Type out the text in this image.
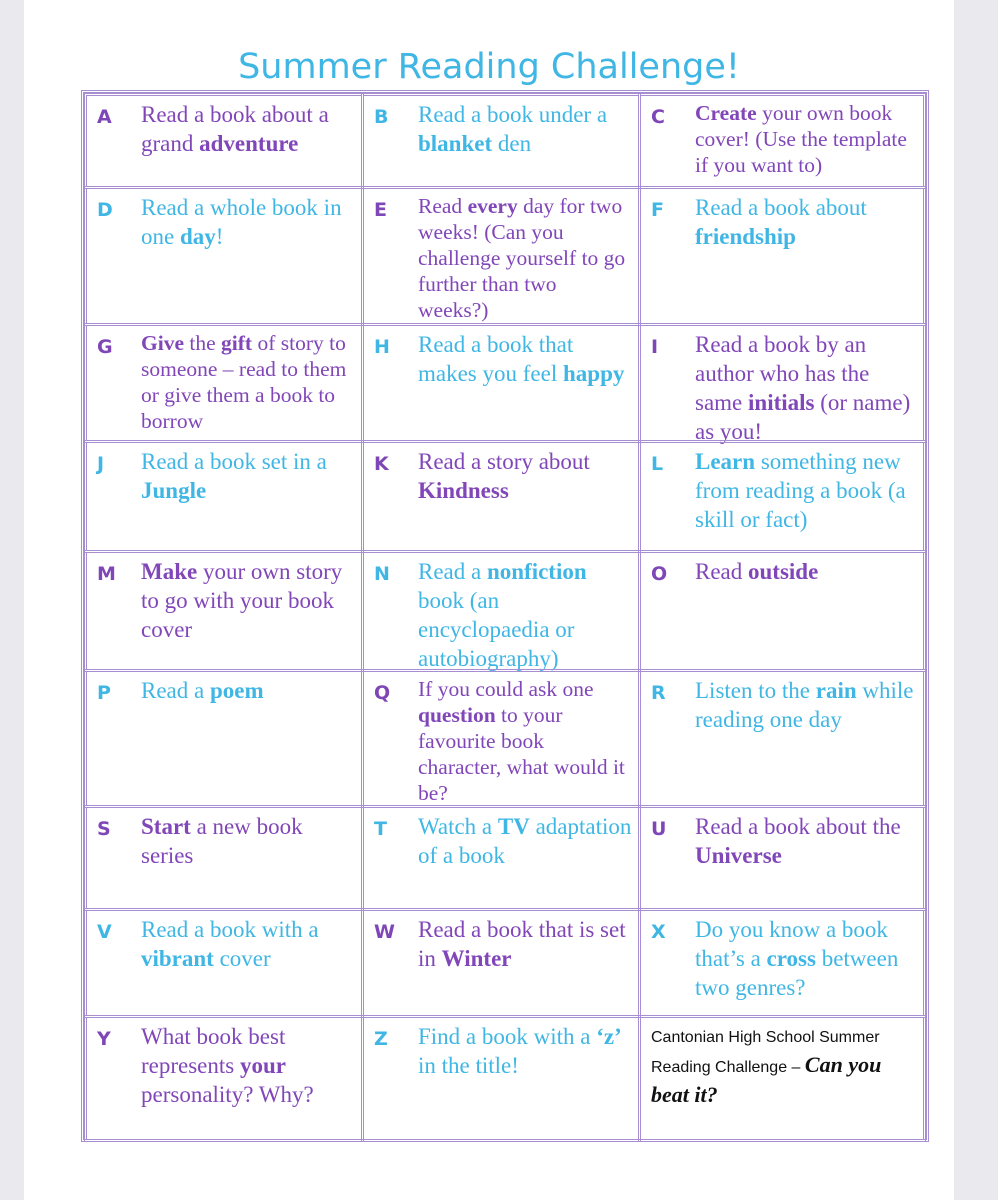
Summer Reading Challenge!
A Read a book about a grand adventure
B Read a book under a blanket den
C Create your own book cover! (Use the template if you want to)
D Read a whole book in one day!
E Read every day for two weeks! (Can you challenge yourself to go further than two weeks?)
F Read a book about friendship
G Give the gift of story to someone – read to them or give them a book to borrow
H Read a book that makes you feel happy
I Read a book by an author who has the same initials (or name) as you!
J Read a book set in a Jungle
K Read a story about Kindness
L Learn something new from reading a book (a skill or fact)
M Make your own story to go with your book cover
N Read a nonfiction book (an encyclopaedia or autobiography)
O Read outside
P Read a poem	Q If you could ask one question to your favourite book character, what would it be?
R Listen to the rain while reading one day
S Start a new book series
T Watch a TV adaptation of a book
U Read a book about the Universe
V Read a book with a vibrant cover
W Read a book that is set in Winter
X Do you know a book that’s a cross between two genres?
Y What book best represents your personality? Why?
Z Find a book with a ‘z’ in the title!
Cantonian High School Summer Reading Challenge – Can you beat it?
